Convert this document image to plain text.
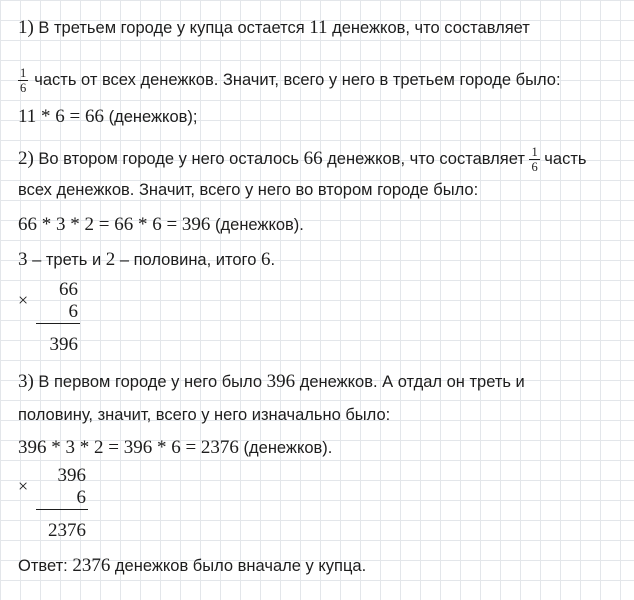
1) В третьем городе у купца остается 11 денежков, что составляет
$\frac{1}{6}$ часть от всех денежков. Значит, всего у него в третьем городе было:
11 * 6 = 66 (денежков);
2) Во втором городе у него осталось 66 денежков, что составляет $\frac{1}{6}$ часть
всех денежков. Значит, всего у него во втором городе было:
66 * 3 * 2 = 66 * 6 = 396 (денежков).
3 – треть и 2 – половина, итого 6.
×	66
6
396
3) В первом городе у него было 396 денежков. А отдал он треть и
половину, значит, всего у него изначально было:
396 * 3 * 2 = 396 * 6 = 2376 (денежков).
×	396
6
2376
Ответ: 2376 денежков было вначале у купца.
